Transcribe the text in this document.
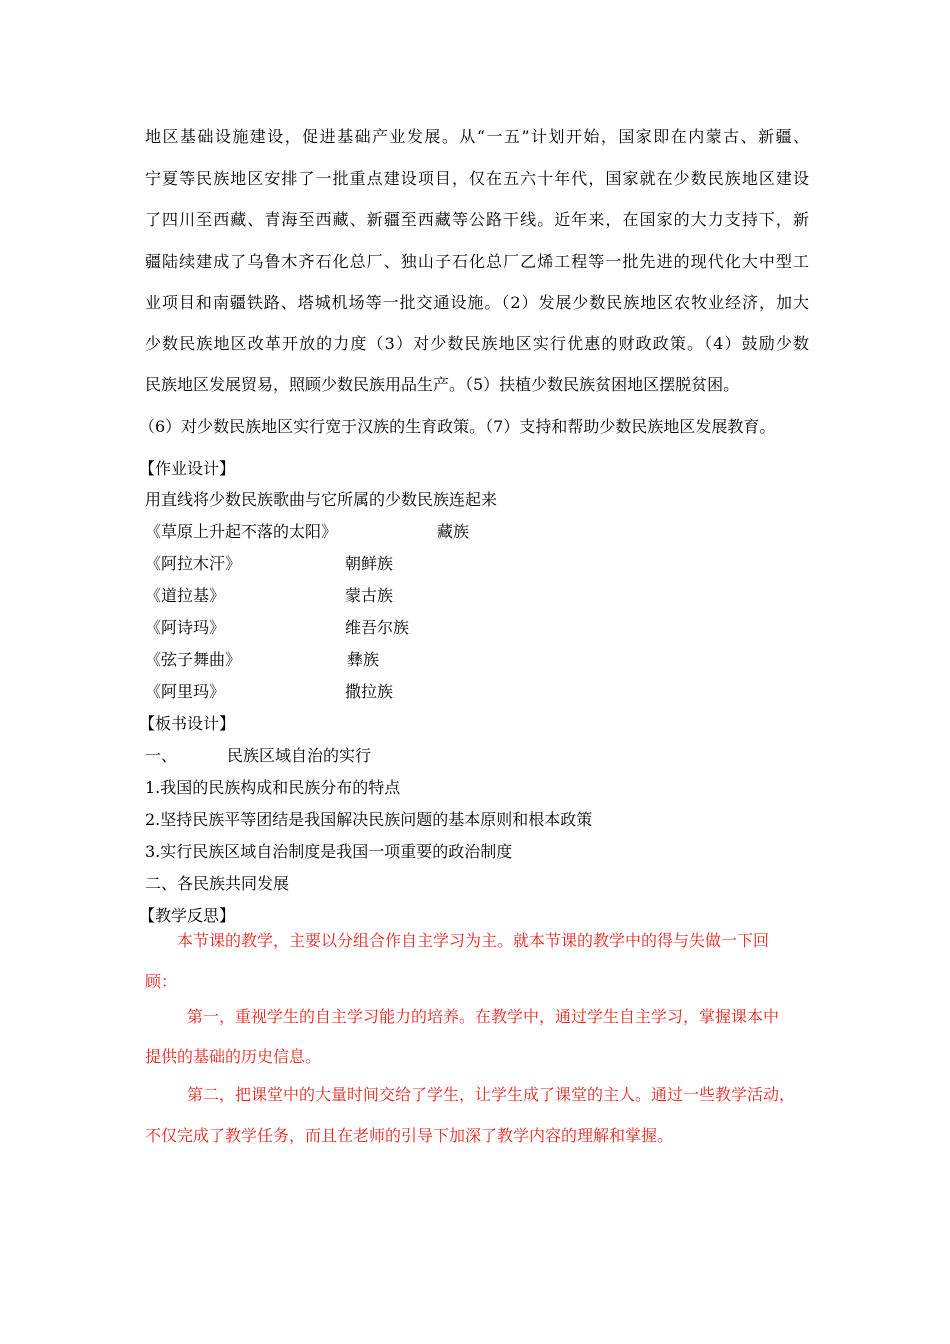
地区基础设施建设，促进基础产业发展。从“一五”计划开始，国家即在内蒙古、新疆、
宁夏等民族地区安排了一批重点建设项目，仅在五六十年代，国家就在少数民族地区建设
了四川至西藏、青海至西藏、新疆至西藏等公路干线。近年来，在国家的大力支持下，新
疆陆续建成了乌鲁木齐石化总厂、独山子石化总厂乙烯工程等一批先进的现代化大中型工
业项目和南疆铁路、塔城机场等一批交通设施。（2）发展少数民族地区农牧业经济，加大
少数民族地区改革开放的力度（3）对少数民族地区实行优惠的财政政策。（4）鼓励少数
民族地区发展贸易，照顾少数民族用品生产。（5）扶植少数民族贫困地区摆脱贫困。
（6）对少数民族地区实行宽于汉族的生育政策。（7）支持和帮助少数民族地区发展教育。
【作业设计】
用直线将少数民族歌曲与它所属的少数民族连起来
《草原上升起不落的太阳》	藏族
《阿拉木汗》	朝鲜族
《道拉基》	蒙古族
《阿诗玛》	维吾尔族
《弦子舞曲》	彝族
《阿里玛》	撒拉族
【板书设计】
一、	民族区域自治的实行
1.我国的民族构成和民族分布的特点
2.坚持民族平等团结是我国解决民族问题的基本原则和根本政策
3.实行民族区域自治制度是我国一项重要的政治制度
二、各民族共同发展
【教学反思】
本节课的教学，主要以分组合作自主学习为主。就本节课的教学中的得与失做一下回
顾：
第一，重视学生的自主学习能力的培养。在教学中，通过学生自主学习，掌握课本中
提供的基础的历史信息。
第二，把课堂中的大量时间交给了学生，让学生成了课堂的主人。通过一些教学活动，
不仅完成了教学任务，而且在老师的引导下加深了教学内容的理解和掌握。
